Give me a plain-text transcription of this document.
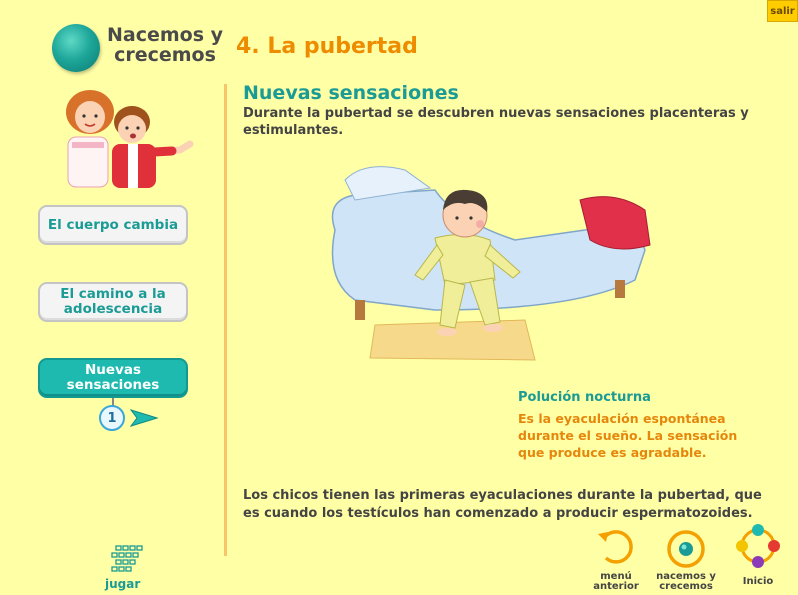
salir
Nacemos y crecemos 4. La pubertad
El cuerpo cambia
El camino a la adolescencia
Nuevas sensaciones
1
jugar
Nuevas sensaciones
Durante la pubertad se descubren nuevas sensaciones placenteras y estimulantes.
Polución nocturna
Es la eyaculación espontánea durante el sueño. La sensación que produce es agradable.
Los chicos tienen las primeras eyaculaciones durante la pubertad, que es cuando los testículos han comenzado a producir espermatozoides.
menú anterior
nacemos y crecemos	Inicio
